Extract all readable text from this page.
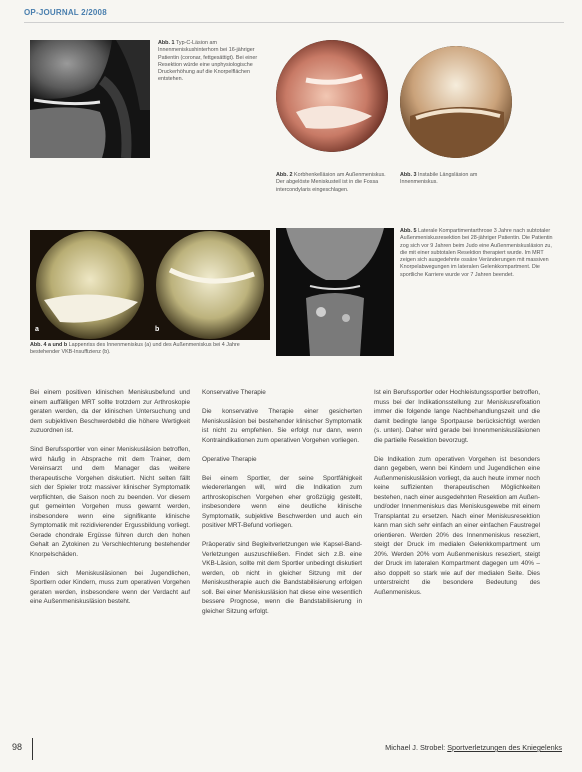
OP-JOURNAL 2/2008
Abb. 1 Typ-C-Läsion am Innenmeniskushinterhorn bei 16-jähriger Patientin (coronar, fettgesättigt). Bei einer Resektion würde eine unphysiologische Druckerhöhung auf die Knorpelflächen entstehen.
Abb. 2 Korbhenkelläsion am Außenmeniskus. Der abgelöste Meniskusteil ist in die Fossa intercondylaris eingeschlagen.
Abb. 3 Instabile Längsläsion am Innenmeniskus.
a	b
Abb. 4 a und b Lappenriss des Innenmeniskus (a) und des Außenmeniskus bei 4 Jahre bestehender VKB-Insuffizienz (b).
Abb. 5 Laterale Kompartimentarthrose 3 Jahre nach subtotaler Außenmeniskusresektion bei 28-jähriger Patientin. Die Patientin zog sich vor 9 Jahren beim Judo eine Außenmeniskusläsion zu, die mit einer subtotalen Resektion therapiert wurde. Im MRT zeigen sich ausgedehnte ossäre Veränderungen mit massiven Knorpelabwegungen im lateralen Gelenkkompartment. Die sportliche Karriere wurde vor 7 Jahren beendet.

Bei einem positiven klinischen Meniskusbefund und einem auffälligen MRT sollte trotzdem zur Arthroskopie geraten werden, da der klinischen Untersuchung und dem subjektiven Beschwerdebild die höhere Wertigkeit zuzuordnen ist.

Sind Berufssportler von einer Meniskusläsion betroffen, wird häufig in Absprache mit dem Trainer, dem Vereinsarzt und dem Manager das weitere therapeutische Vorgehen diskutiert. Nicht selten fällt sich der Spieler trotz massiver klinischer Symptomatik verpflichten, die Saison noch zu beenden. Vor diesem gut gemeinten Vorgehen muss gewarnt werden, insbesondere wenn eine signifikante klinische Symptomatik mit rezidivierender Ergussbildung vorliegt. Gerade chondrale Ergüsse führen durch den hohen Gehalt an Zytokinen zu Verschlechterung bestehender Knorpelschäden.

Finden sich Meniskusläsionen bei Jugendlichen, Sportlern oder Kindern, muss zum operativen Vorgehen geraten werden, insbesondere wenn der Verdacht auf eine Außenmeniskusläsion besteht.

Konservative Therapie

Die konservative Therapie einer gesicherten Meniskusläsion bei bestehender klinischer Symptomatik ist nicht zu empfehlen. Sie erfolgt nur dann, wenn Kontraindikationen zum operativen Vorgehen vorliegen.

Operative Therapie

Bei einem Sportler, der seine Sportfähigkeit wiedererlangen will, wird die Indikation zum arthroskopischen Vorgehen eher großzügig gestellt, insbesondere wenn eine deutliche klinische Symptomatik, subjektive Beschwerden und auch ein positiver MRT-Befund vorliegen.

Präoperativ sind Begleitverletzungen wie Kapsel-Band-Verletzungen auszuschließen. Findet sich z.B. eine VKB-Läsion, sollte mit dem Sportler unbedingt diskutiert werden, ob nicht in gleicher Sitzung mit der Meniskustherapie auch die Bandstabilisierung erfolgen soll. Bei einer Meniskusläsion hat diese eine wesentlich bessere Prognose, wenn die Bandstabilisierung in gleicher Sitzung erfolgt.

Ist ein Berufssportler oder Hochleistungssportler betroffen, muss bei der Indikationsstellung zur Meniskusrefixation immer die folgende lange Nachbehandlungszeit und die damit bedingte lange Sportpause berücksichtigt werden (s. unten). Daher wird gerade bei Innenmeniskusläsionen die partielle Resektion bevorzugt.

Die Indikation zum operativen Vorgehen ist besonders dann gegeben, wenn bei Kindern und Jugendlichen eine Außenmeniskusläsion vorliegt, da auch heute immer noch keine suffizienten therapeutischen Möglichkeiten bestehen, nach einer ausgedehnten Resektion am Außen- und/oder Innenmeniskus das Meniskusgewebe mit einem Transplantat zu ersetzen. Nach einer Meniskusresektion kann man sich sehr einfach an einer einfachen Faustregel orientieren. Werden 20% des Innenmeniskus reseziert, steigt der Druck im medialen Gelenkkompartment um 20%. Werden 20% vom Außenmeniskus reseziert, steigt der Druck im lateralen Kompartment dagegen um 40% – also doppelt so stark wie auf der medialen Seite. Dies unterstreicht die besondere Bedeutung des Außenmeniskus.

98	Michael J. Strobel: Sportverletzungen des Kniegelenks
